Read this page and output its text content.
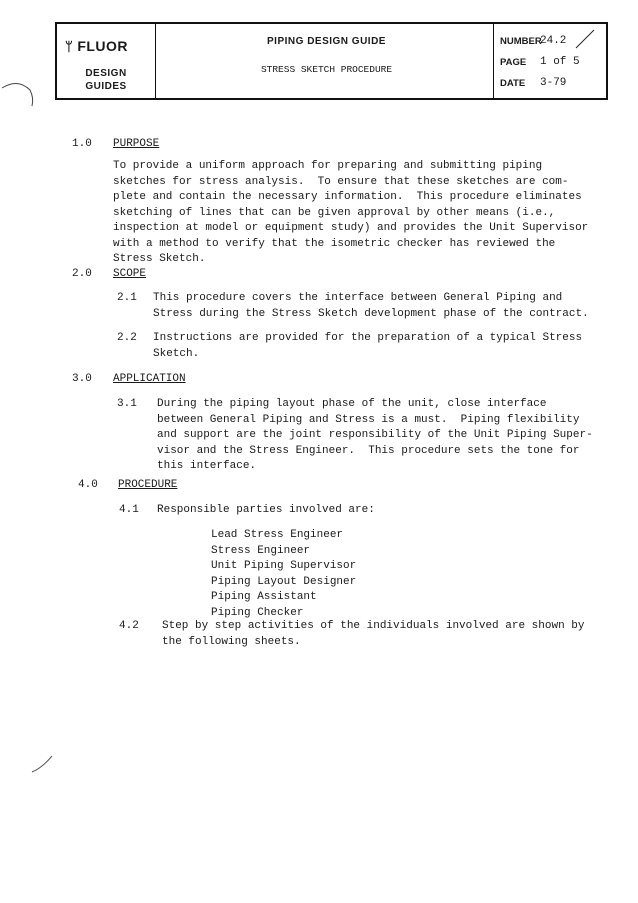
ᛘ FLUOR
DESIGN
GUIDES
PIPING DESIGN GUIDE
STRESS SKETCH PROCEDURE
NUMBER
24.2
PAGE 1 of 5
DATE 3-79
1.0 PURPOSE
To provide a uniform approach for preparing and submitting piping
sketches for stress analysis.  To ensure that these sketches are com-
plete and contain the necessary information.  This procedure eliminates
sketching of lines that can be given approval by other means (i.e.,
inspection at model or equipment study) and provides the Unit Supervisor
with a method to verify that the isometric checker has reviewed the
Stress Sketch.
2.0 SCOPE
2.1 This procedure covers the interface between General Piping and
Stress during the Stress Sketch development phase of the contract.
2.2 Instructions are provided for the preparation of a typical Stress
Sketch.
3.0 APPLICATION
3.1 During the piping layout phase of the unit, close interface
between General Piping and Stress is a must.  Piping flexibility
and support are the joint responsibility of the Unit Piping Super-
visor and the Stress Engineer.  This procedure sets the tone for
this interface.
4.0 PROCEDURE
4.1 Responsible parties involved are:
Lead Stress Engineer
Stress Engineer
Unit Piping Supervisor
Piping Layout Designer
Piping Assistant
Piping Checker
4.2 Step by step activities of the individuals involved are shown by
the following sheets.
